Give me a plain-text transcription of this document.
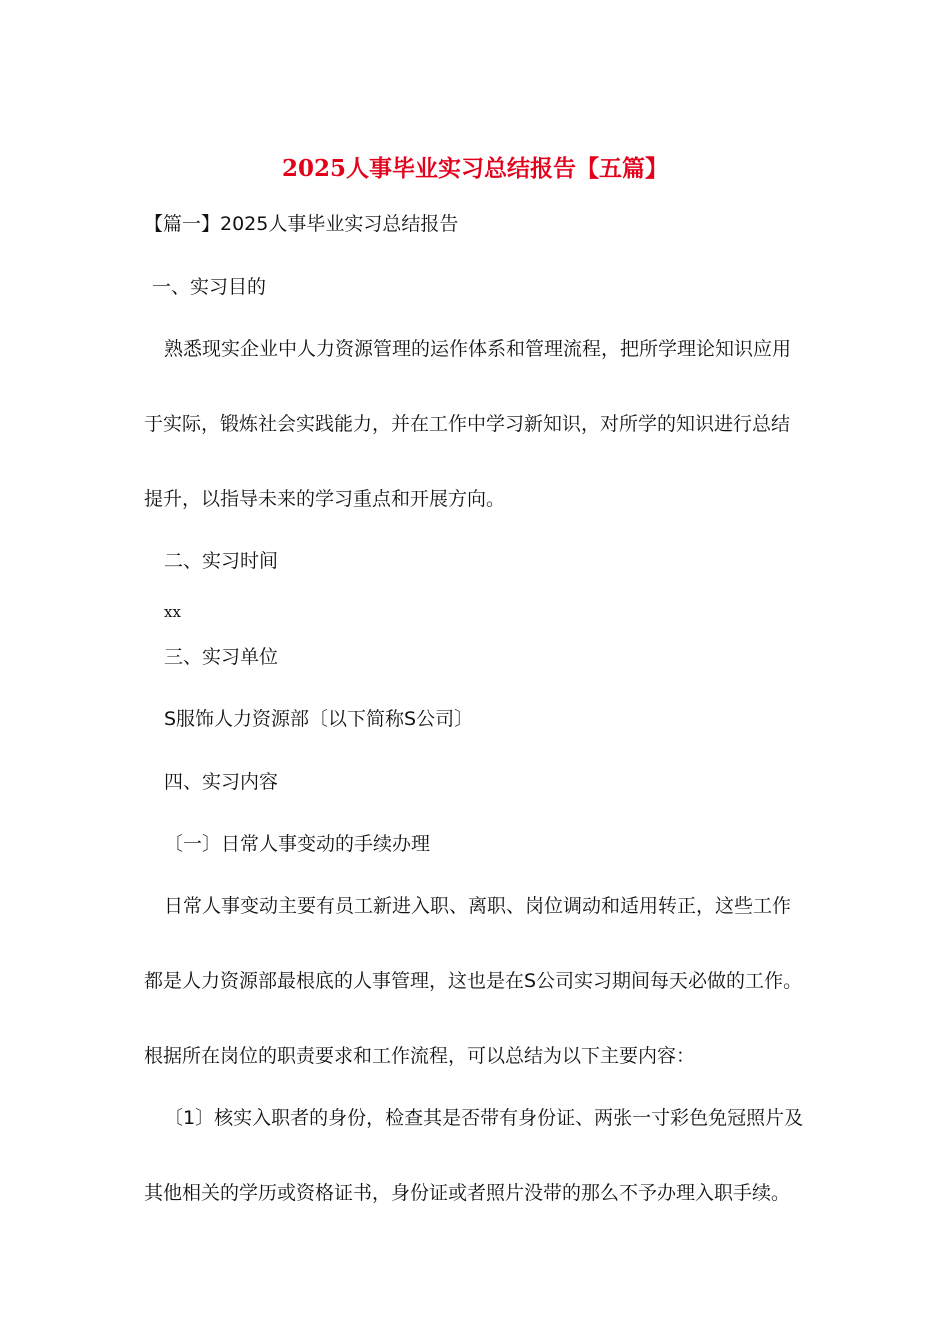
2025人事毕业实习总结报告【五篇】
【篇一】2025人事毕业实习总结报告
一、实习目的
熟悉现实企业中人力资源管理的运作体系和管理流程，把所学理论知识应用
于实际，锻炼社会实践能力，并在工作中学习新知识，对所学的知识进行总结
提升，以指导未来的学习重点和开展方向。
二、实习时间
xx
三、实习单位
S服饰人力资源部〔以下简称S公司〕
四、实习内容
〔一〕日常人事变动的手续办理
日常人事变动主要有员工新进入职、离职、岗位调动和适用转正，这些工作
都是人力资源部最根底的人事管理，这也是在S公司实习期间每天必做的工作。
根据所在岗位的职责要求和工作流程，可以总结为以下主要内容：
〔1〕核实入职者的身份，检查其是否带有身份证、两张一寸彩色免冠照片及
其他相关的学历或资格证书，身份证或者照片没带的那么不予办理入职手续。
